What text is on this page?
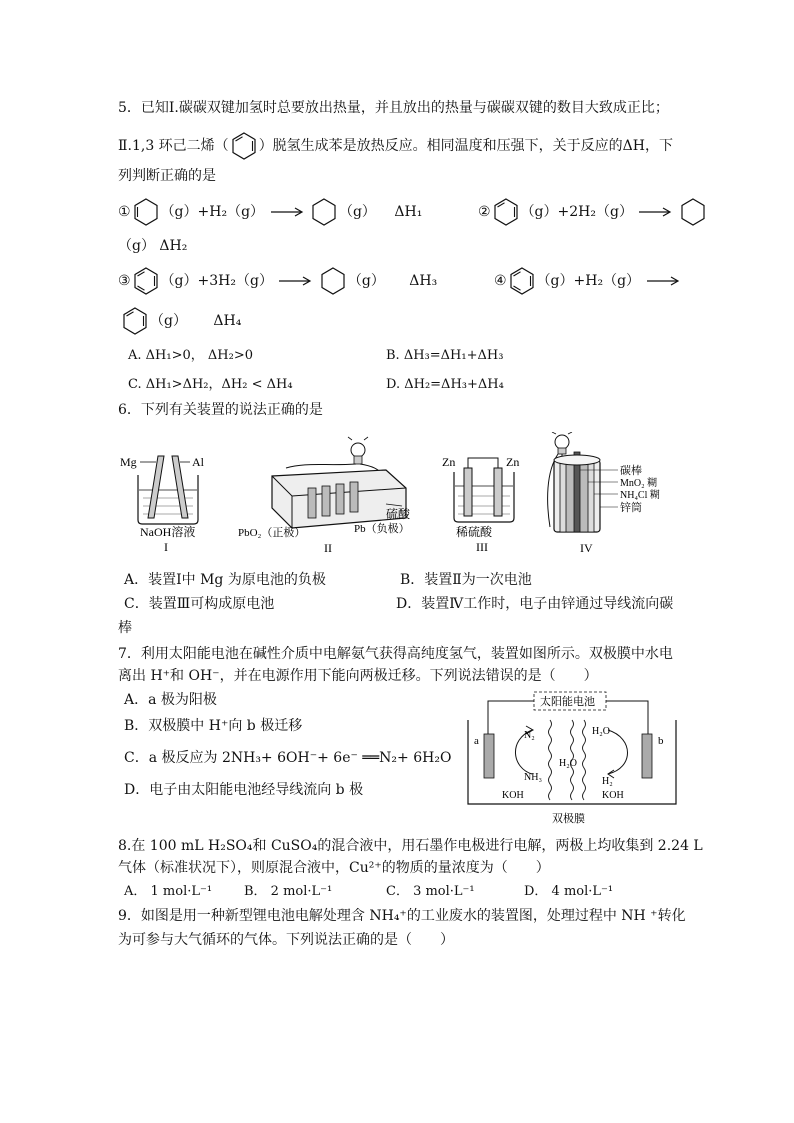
5．已知Ⅰ.碳碳双键加氢时总要放出热量，并且放出的热量与碳碳双键的数目大致成正比；
Ⅱ.1,3 环己二烯（ ）脱氢生成苯是放热反应。相同温度和压强下，关于反应的ΔH，下
列判断正确的是
① （g）+H₂（g）	（g） ΔH₁	② （g）+2H₂（g）
（g） ΔH₂
③ （g）+3H₂（g）	（g） ΔH₃	④ （g）+H₂（g）
（g） ΔH₄
A. ΔH₁>0， ΔH₂>0	B. ΔH₃=ΔH₁+ΔH₃
C. ΔH₁>ΔH₂，ΔH₂ < ΔH₄	D. ΔH₂=ΔH₃+ΔH₄
6．下列有关装置的说法正确的是
Mg	Al
NaOH溶液
I
硫酸
PbO₂（正极）	Pb（负极）
II
Zn	Zn
稀硫酸
III
碳棒
MnO₂ 糊
NH₄Cl 糊
锌筒
IV
A．装置Ⅰ中 Mg 为原电池的负极	B．装置Ⅱ为一次电池
C．装置Ⅲ可构成原电池	D．装置Ⅳ工作时，电子由锌通过导线流向碳
棒
7．利用太阳能电池在碱性介质中电解氨气获得高纯度氢气，装置如图所示。双极膜中水电
离出 H⁺和 OH⁻，并在电源作用下能向两极迁移。下列说法错误的是（　　）
A．a 极为阳极
B．双极膜中 H⁺向 b 极迁移
C．a 极反应为 2NH₃+ 6OH⁻+ 6e⁻ ══N₂+ 6H₂O
D．电子由太阳能电池经导线流向 b 极
太阳能电池
a	b
N₂
NH₃
H₂O
H₂
H₂O
KOH	KOH
双极膜
8.在 100 mL H₂SO₄和 CuSO₄的混合液中，用石墨作电极进行电解，两极上均收集到 2.24 L
气体（标准状况下），则原混合液中，Cu²⁺的物质的量浓度为（　　）
A． 1 mol·L⁻¹ B． 2 mol·L⁻¹	C． 3 mol·L⁻¹	D． 4 mol·L⁻¹
9．如图是用一种新型锂电池电解处理含 NH₄⁺的工业废水的装置图，处理过程中 NH ⁺转化
为可参与大气循环的气体。下列说法正确的是（　　）
